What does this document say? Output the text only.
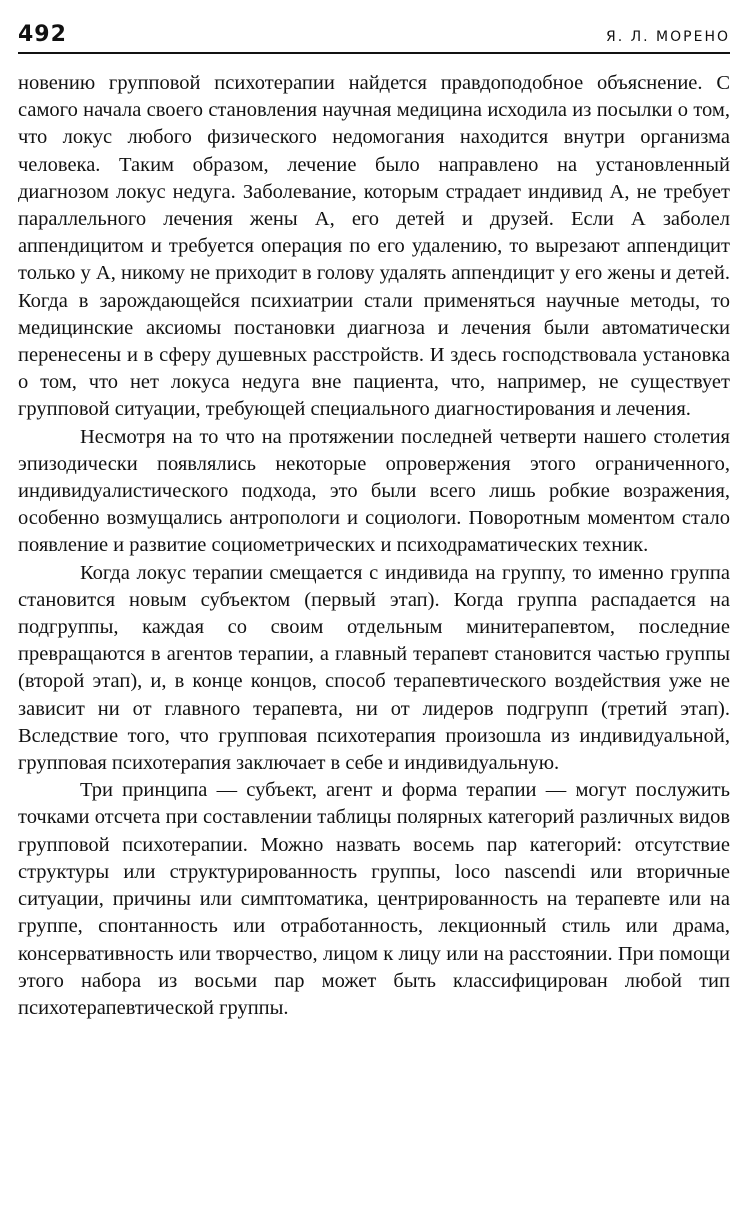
492	Я. Л. МОРЕНО

новению групповой психотерапии найдется правдоподобное объяснение. С самого начала своего становления научная медицина исходила из посылки о том, что локус любого физического недомогания находится внутри организма человека. Таким образом, лечение было направлено на установленный диагнозом локус недуга. Заболевание, которым страдает индивид А, не требует параллельного лечения жены А, его детей и друзей. Если А заболел аппендицитом и требуется операция по его удалению, то вырезают аппендицит только у А, никому не приходит в голову удалять аппендицит у его жены и детей. Когда в зарождающейся психиатрии стали применяться научные методы, то медицинские аксиомы постановки диагноза и лечения были автоматически перенесены и в сферу душевных расстройств. И здесь господствовала установка о том, что нет локуса недуга вне пациента, что, например, не существует групповой ситуации, требующей специального диагностирования и лечения.

Несмотря на то что на протяжении последней четверти нашего столетия эпизодически появлялись некоторые опровержения этого ограниченного, индивидуалистического подхода, это были всего лишь робкие возражения, особенно возмущались антропологи и социологи. Поворотным моментом стало появление и развитие социометрических и психодраматических техник.

Когда локус терапии смещается с индивида на группу, то именно группа становится новым субъектом (первый этап). Когда группа распадается на подгруппы, каждая со своим отдельным минитерапевтом, последние превращаются в агентов терапии, а главный терапевт становится частью группы (второй этап), и, в конце концов, способ терапевтического воздействия уже не зависит ни от главного терапевта, ни от лидеров подгрупп (третий этап). Вследствие того, что групповая психотерапия произошла из индивидуальной, групповая психотерапия заключает в себе и индивидуальную.

Три принципа — субъект, агент и форма терапии — могут послужить точками отсчета при составлении таблицы полярных категорий различных видов групповой психотерапии. Можно назвать восемь пар категорий: отсутствие структуры или структурированность группы, loco nascendi или вторичные ситуации, причины или симптоматика, центрированность на терапевте или на группе, спонтанность или отработанность, лекционный стиль или драма, консервативность или творчество, лицом к лицу или на расстоянии. При помощи этого набора из восьми пар может быть классифицирован любой тип психотерапевтической группы.
